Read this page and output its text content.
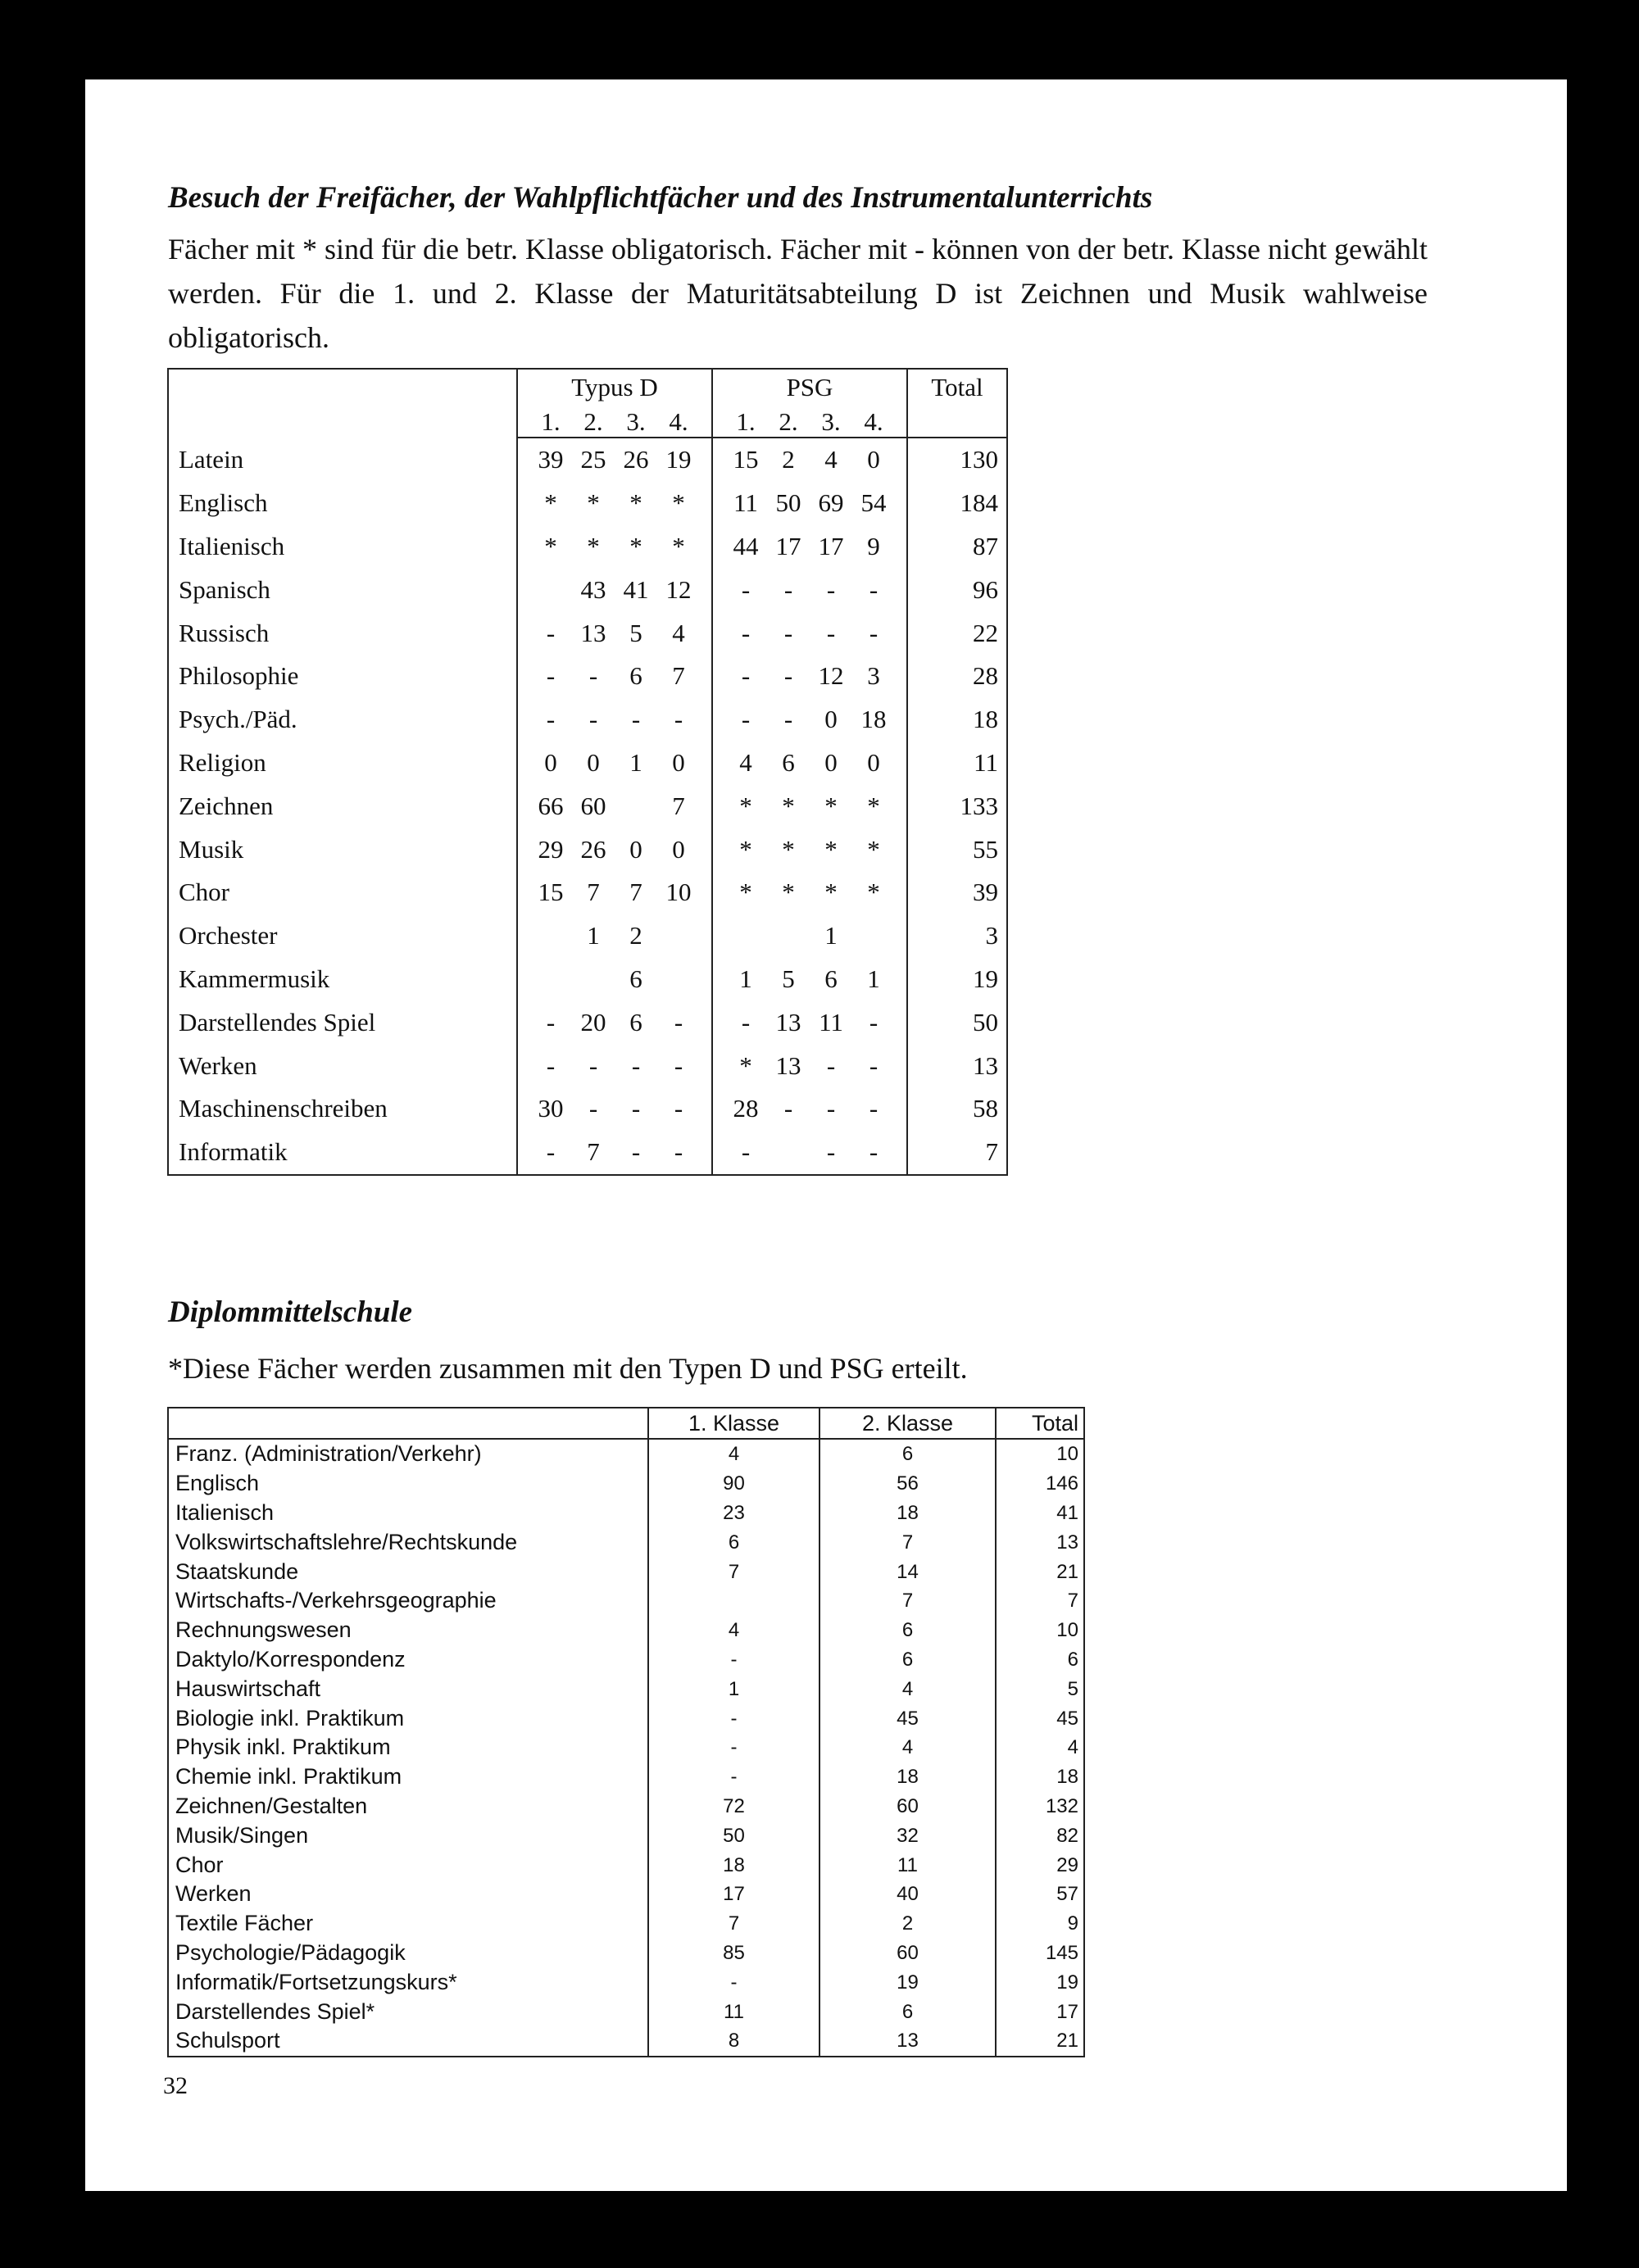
Besuch der Freifächer, der Wahlpflichtfächer und des Instrumentalunterrichts

Fächer mit * sind für die betr. Klasse obligatorisch. Fächer mit - können von der betr. Klasse nicht gewählt werden. Für die 1. und 2. Klasse der Maturitätsabteilung D ist Zeichnen und Musik wahlweise obligatorisch.

	Typus D						PSG						Total
		1.	2.	3.	4.			1.	2.	3.	4.		
Latein		39	25	26	19			15	2	4	0		130
Englisch		*	*	*	*			11	50	69	54		184
Italienisch		*	*	*	*			44	17	17	9		87
Spanisch			43	41	12			-	-	-	-		96
Russisch		-	13	5	4			-	-	-	-		22
Philosophie		-	-	6	7			-	-	12	3		28
Psych./Päd.		-	-	-	-			-	-	0	18		18
Religion		0	0	1	0			4	6	0	0		11
Zeichnen		66	60		7			*	*	*	*		133
Musik		29	26	0	0			*	*	*	*		55
Chor		15	7	7	10			*	*	*	*		39
Orchester			1	2						1			3
Kammermusik				6				1	5	6	1		19
Darstellendes Spiel		-	20	6	-			-	13	11	-		50
Werken		-	-	-	-			*	13	-	-		13
Maschinenschreiben		30	-	-	-			28	-	-	-		58
Informatik		-	7	-	-			-		-	-		7
Diplommittelschule

*Diese Fächer werden zusammen mit den Typen D und PSG erteilt.

	1. Klasse	2. Klasse	Total
Franz. (Administration/Verkehr)	4	6	10
Englisch	90	56	146
Italienisch	23	18	41
Volkswirtschaftslehre/Rechtskunde	6	7	13
Staatskunde	7	14	21
Wirtschafts-/Verkehrsgeographie		7	7
Rechnungswesen	4	6	10
Daktylo/Korrespondenz	-	6	6
Hauswirtschaft	1	4	5
Biologie inkl. Praktikum	-	45	45
Physik inkl. Praktikum	-	4	4
Chemie inkl. Praktikum	-	18	18
Zeichnen/Gestalten	72	60	132
Musik/Singen	50	32	82
Chor	18	11	29
Werken	17	40	57
Textile Fächer	7	2	9
Psychologie/Pädagogik	85	60	145
Informatik/Fortsetzungskurs*	-	19	19
Darstellendes Spiel*	11	6	17
Schulsport	8	13	21
32
